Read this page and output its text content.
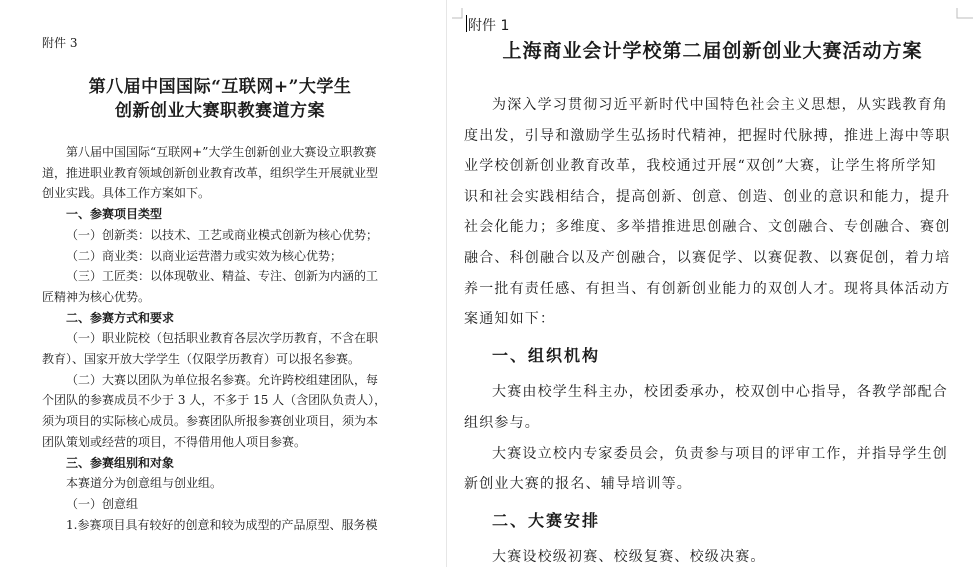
附件 3
第八届中国国际“互联网+”大学生
创新创业大赛职教赛道方案

第八届中国国际“互联网+”大学生创新创业大赛设立职教赛

道，推进职业教育领域创新创业教育改革，组织学生开展就业型

创业实践。具体工作方案如下。

一、参赛项目类型

（一）创新类：以技术、工艺或商业模式创新为核心优势；

（二）商业类：以商业运营潜力或实效为核心优势；

（三）工匠类：以体现敬业、精益、专注、创新为内涵的工

匠精神为核心优势。

二、参赛方式和要求

（一）职业院校（包括职业教育各层次学历教育，不含在职

教育）、国家开放大学学生（仅限学历教育）可以报名参赛。

（二）大赛以团队为单位报名参赛。允许跨校组建团队，每

个团队的参赛成员不少于 3 人，不多于 15 人（含团队负责人），

须为项目的实际核心成员。参赛团队所报参赛创业项目，须为本

团队策划或经营的项目，不得借用他人项目参赛。

三、参赛组别和对象

本赛道分为创意组与创业组。

（一）创意组

1.参赛项目具有较好的创意和较为成型的产品原型、服务模

附件 1
上海商业会计学校第二届创新创业大赛活动方案

为深入学习贯彻习近平新时代中国特色社会主义思想，从实践教育角

度出发，引导和激励学生弘扬时代精神，把握时代脉搏，推进上海中等职

业学校创新创业教育改革，我校通过开展“双创”大赛，让学生将所学知

识和社会实践相结合，提高创新、创意、创造、创业的意识和能力，提升

社会化能力；多维度、多举措推进思创融合、文创融合、专创融合、赛创

融合、科创融合以及产创融合，以赛促学、以赛促教、以赛促创，着力培

养一批有责任感、有担当、有创新创业能力的双创人才。现将具体活动方

案通知如下：

一、组织机构

大赛由校学生科主办，校团委承办，校双创中心指导，各教学部配合

组织参与。

大赛设立校内专家委员会，负责参与项目的评审工作，并指导学生创

新创业大赛的报名、辅导培训等。

二、大赛安排

大赛设校级初赛、校级复赛、校级决赛。
